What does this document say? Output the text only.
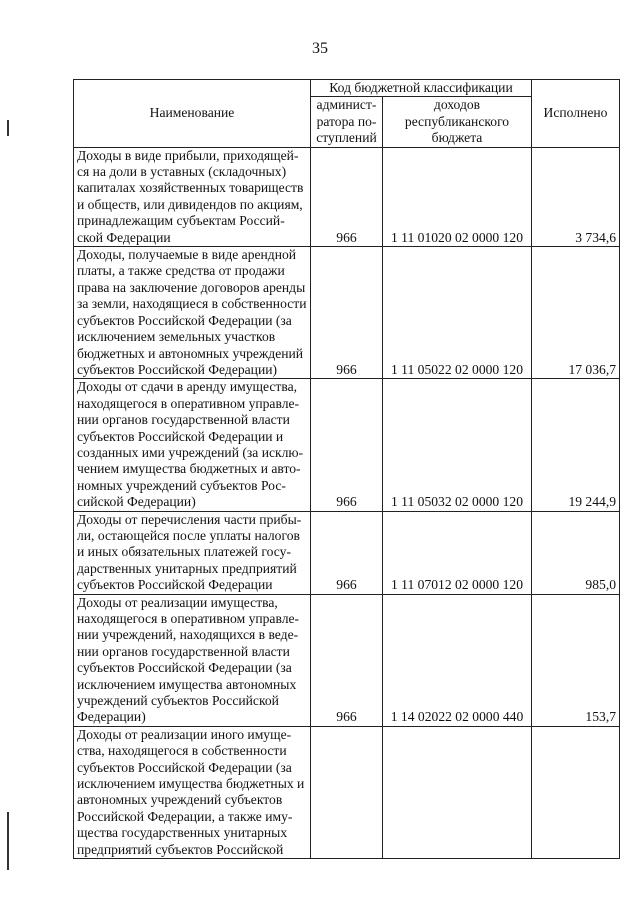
35
Наименование	Код бюджетной классификации		Исполнено
	админист-ратора по-ступлений	доходов республиканского бюджета	
Доходы в виде прибыли, приходящей-ся на доли в уставных (складочных) капиталах хозяйственных товариществ и обществ, или дивидендов по акциям, принадлежащим субъектам Россий-ской Федерации	966	1 11 01020 02 0000 120	3 734,6
Доходы, получаемые в виде арендной платы, а также средства от продажи права на заключение договоров аренды за земли, находящиеся в собственности субъектов Российской Федерации (за исключением земельных участков бюджетных и автономных учреждений субъектов Российской Федерации)	966	1 11 05022 02 0000 120	17 036,7
Доходы от сдачи в аренду имущества, находящегося в оперативном управле-нии органов государственной власти субъектов Российской Федерации и созданных ими учреждений (за исклю-чением имущества бюджетных и авто-номных учреждений субъектов Рос-сийской Федерации)	966	1 11 05032 02 0000 120	19 244,9
Доходы от перечисления части прибы-ли, остающейся после уплаты налогов и иных обязательных платежей госу-дарственных унитарных предприятий субъектов Российской Федерации	966	1 11 07012 02 0000 120	985,0
Доходы от реализации имущества, находящегося в оперативном управле-нии учреждений, находящихся в веде-нии органов государственной власти субъектов Российской Федерации (за исключением имущества автономных учреждений субъектов Российской Федерации)	966	1 14 02022 02 0000 440	153,7
Доходы от реализации иного имуще-ства, находящегося в собственности субъектов Российской Федерации (за исключением имущества бюджетных и автономных учреждений субъектов Российской Федерации, а также иму-щества государственных унитарных предприятий субъектов Российской			
